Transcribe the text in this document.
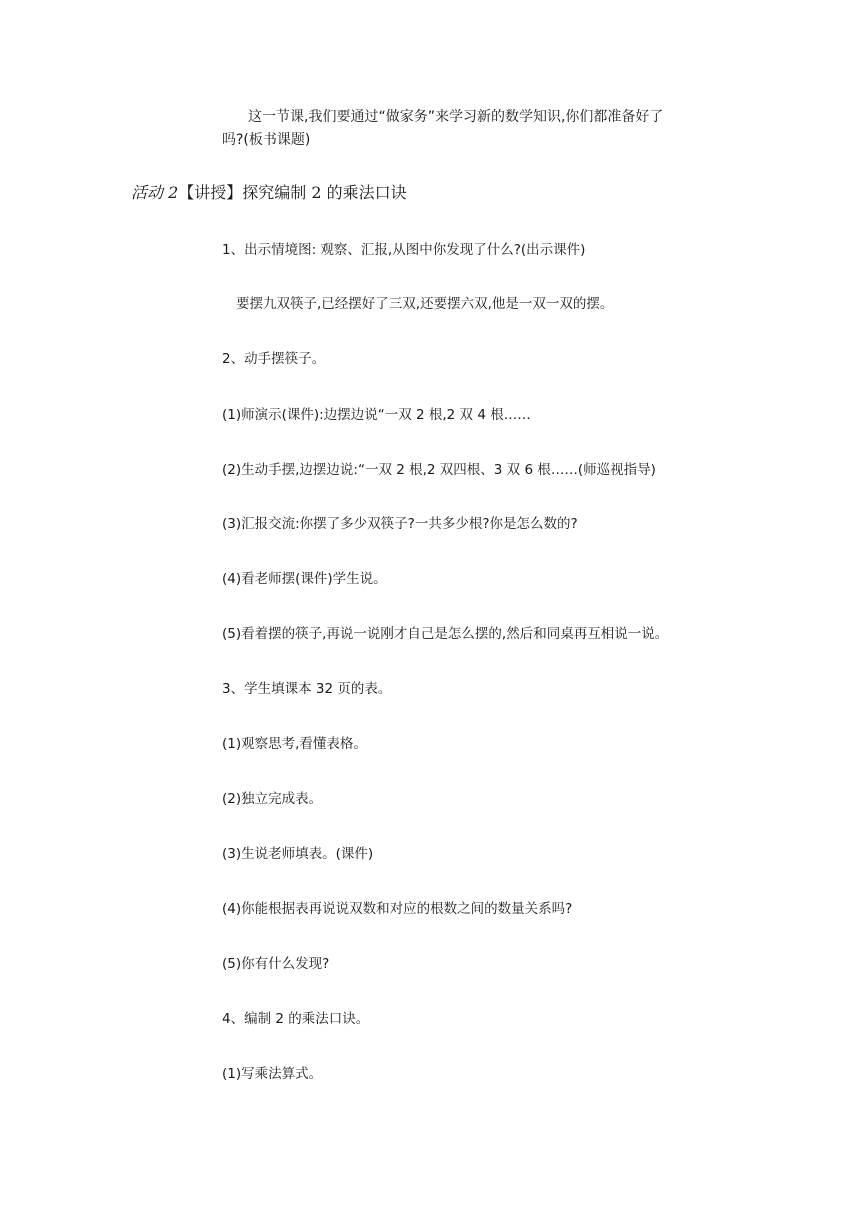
这一节课,我们要通过“做家务”来学习新的数学知识,你们都准备好了
吗?(板书课题)
活动 2【讲授】探究编制 2 的乘法口诀
1、出示情境图: 观察、汇报,从图中你发现了什么?(出示课件)
要摆九双筷子,已经摆好了三双,还要摆六双,他是一双一双的摆。
2、动手摆筷子。
(1)师演示(课件):边摆边说“一双 2 根,2 双 4 根……
(2)生动手摆,边摆边说:“一双 2 根,2 双四根、3 双 6 根……(师巡视指导)
(3)汇报交流:你摆了多少双筷子?一共多少根?你是怎么数的?
(4)看老师摆(课件)学生说。
(5)看着摆的筷子,再说一说刚才自己是怎么摆的,然后和同桌再互相说一说。
3、学生填课本 32 页的表。
(1)观察思考,看懂表格。
(2)独立完成表。
(3)生说老师填表。(课件)
(4)你能根据表再说说双数和对应的根数之间的数量关系吗?
(5)你有什么发现?
4、编制 2 的乘法口诀。
(1)写乘法算式。
